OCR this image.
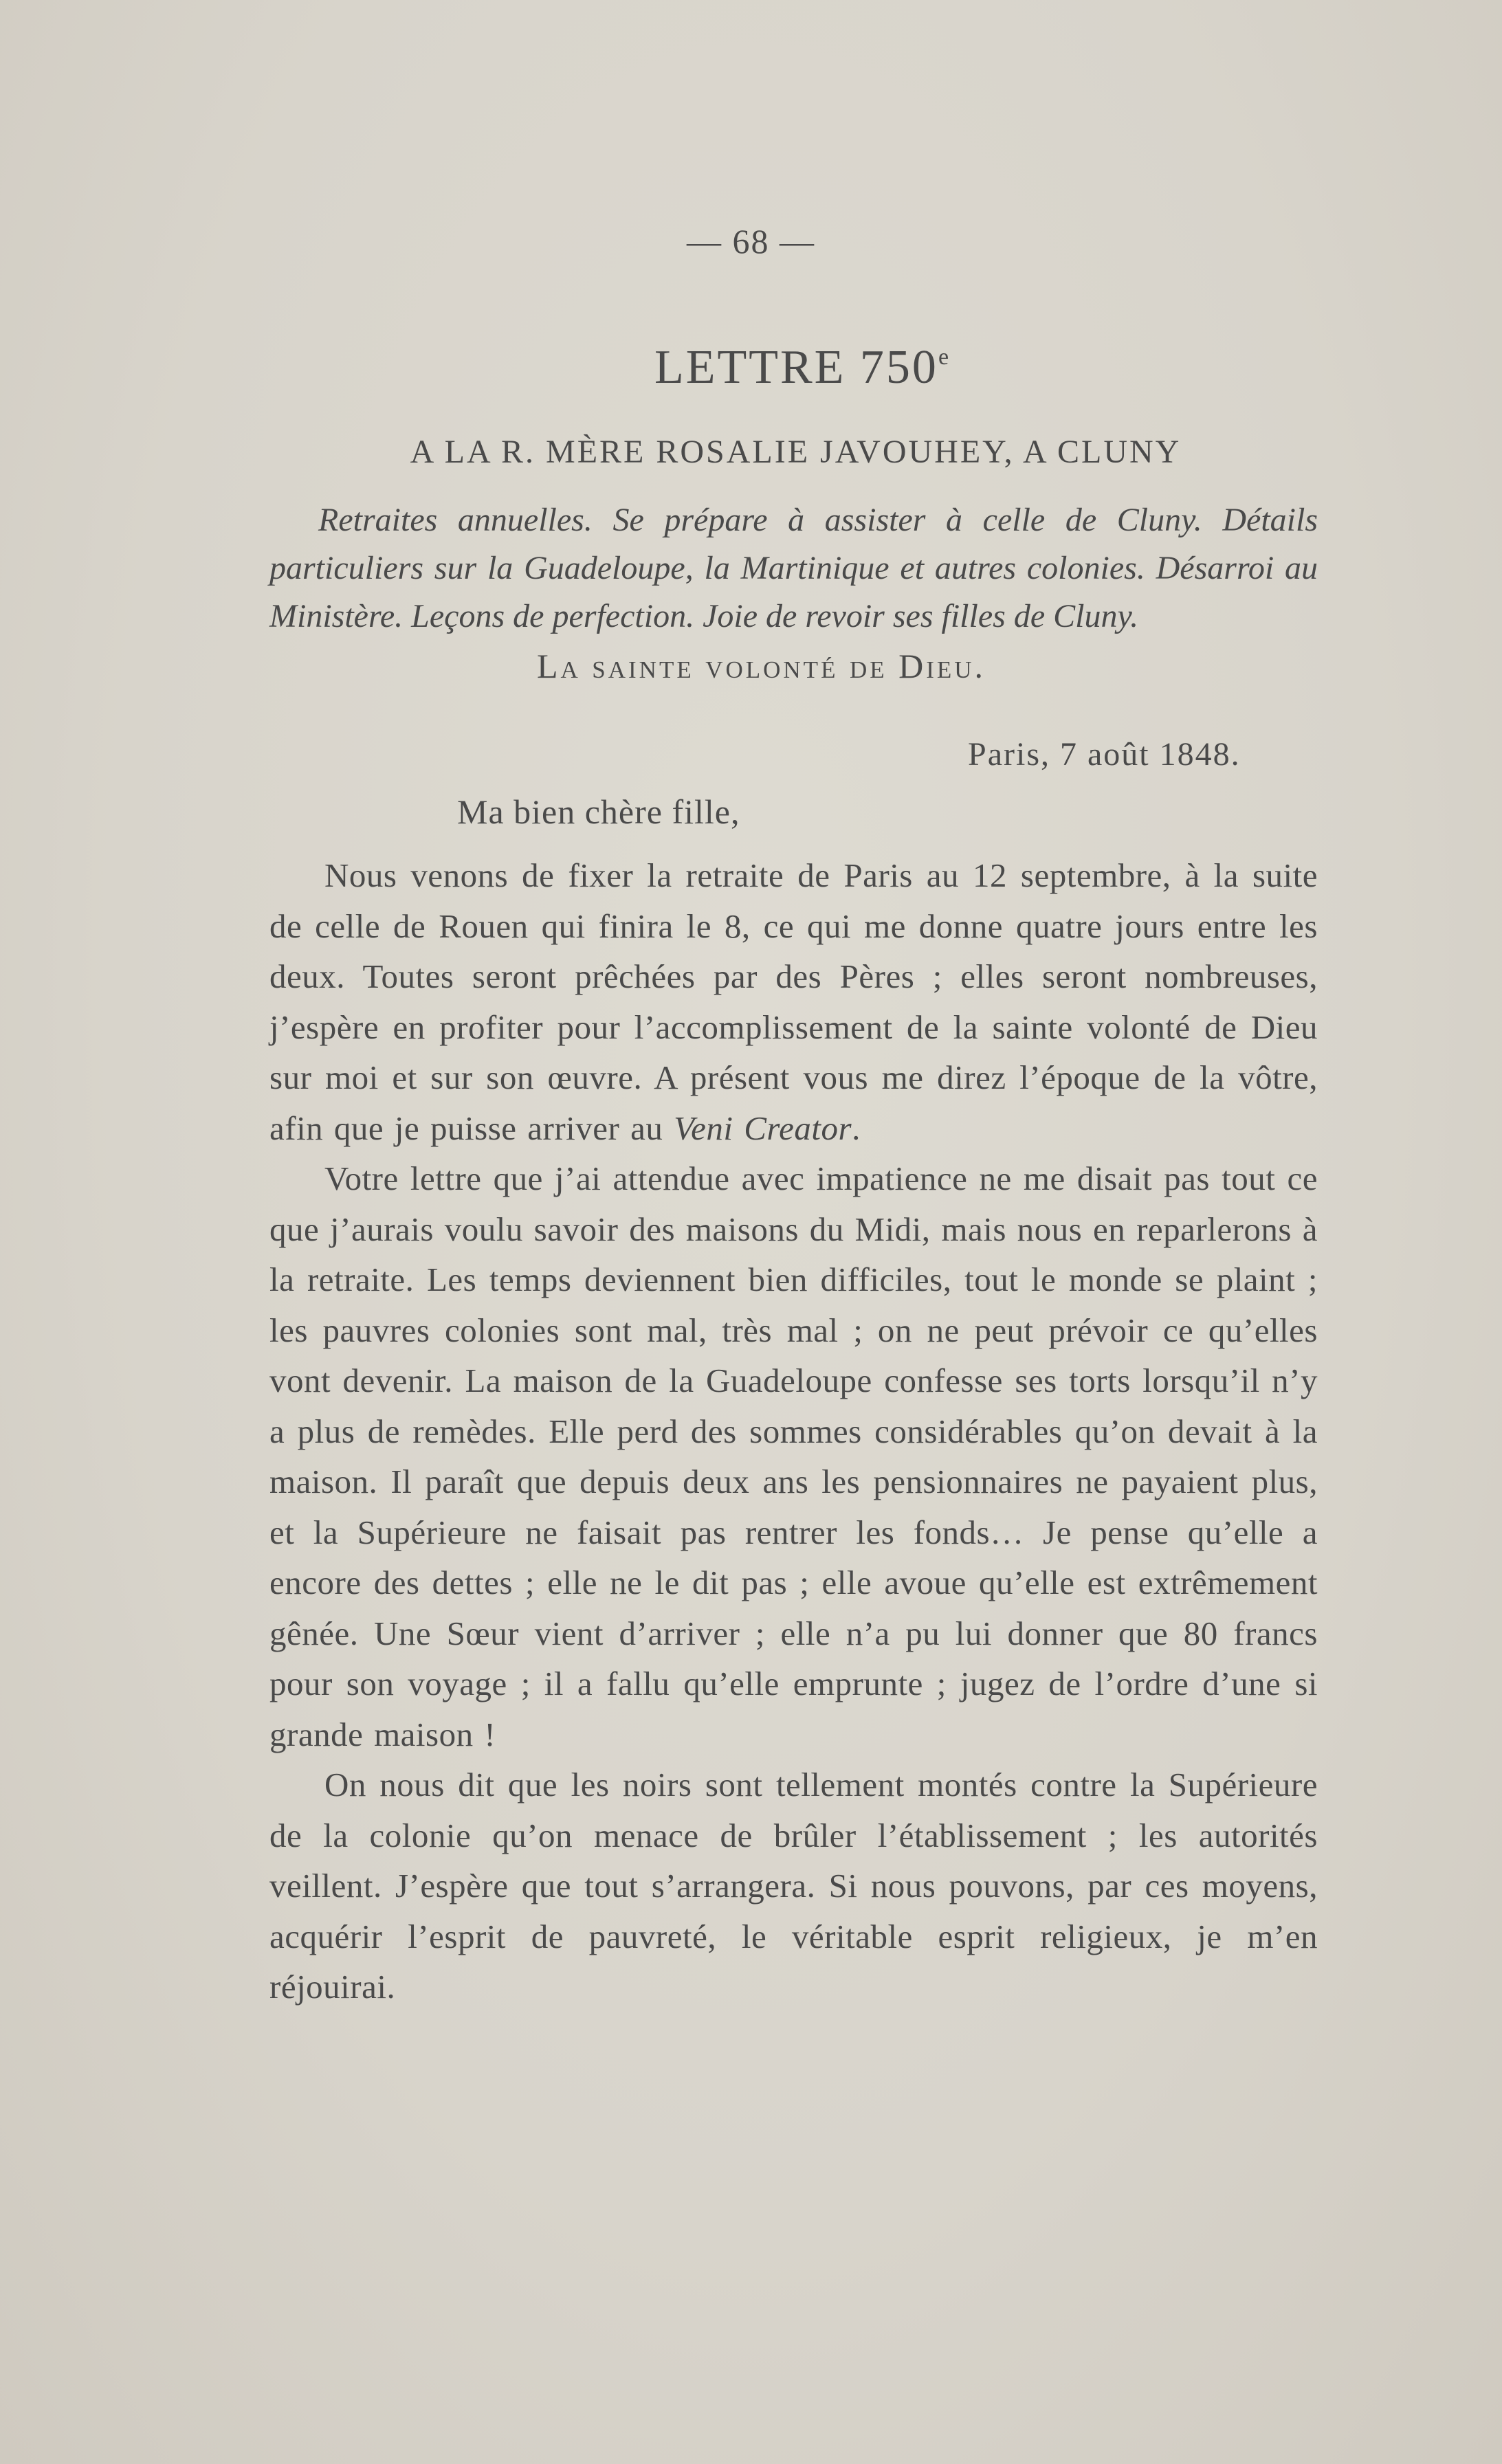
— 68 —
LETTRE 750e
A LA R. MÈRE ROSALIE JAVOUHEY, A CLUNY

Retraites annuelles. Se prépare à assister à celle de Cluny. Détails particuliers sur la Guadeloupe, la Martinique et autres colonies. Désarroi au Ministère. Leçons de perfection. Joie de revoir ses filles de Cluny.

La sainte volonté de Dieu.
Paris, 7 août 1848.
Ma bien chère fille,

Nous venons de fixer la retraite de Paris au 12 septembre, à la suite de celle de Rouen qui finira le 8, ce qui me donne quatre jours entre les deux. Toutes seront prêchées par des Pères ; elles seront nombreuses, j’espère en profiter pour l’accomplissement de la sainte volonté de Dieu sur moi et sur son œuvre. A présent vous me direz l’époque de la vôtre, afin que je puisse arriver au Veni Creator.

Votre lettre que j’ai attendue avec impatience ne me disait pas tout ce que j’aurais voulu savoir des maisons du Midi, mais nous en reparlerons à la retraite. Les temps deviennent bien difficiles, tout le monde se plaint ; les pauvres colonies sont mal, très mal ; on ne peut prévoir ce qu’elles vont devenir. La maison de la Guadeloupe confesse ses torts lorsqu’il n’y a plus de remèdes. Elle perd des sommes considérables qu’on devait à la maison. Il paraît que depuis deux ans les pensionnaires ne payaient plus, et la Supérieure ne faisait pas rentrer les fonds… Je pense qu’elle a encore des dettes ; elle ne le dit pas ; elle avoue qu’elle est extrêmement gênée. Une Sœur vient d’arriver ; elle n’a pu lui donner que 80 francs pour son voyage ; il a fallu qu’elle emprunte ; jugez de l’ordre d’une si grande maison !

On nous dit que les noirs sont tellement montés contre la Supérieure de la colonie qu’on menace de brûler l’établissement ; les autorités veillent. J’espère que tout s’arrangera. Si nous pouvons, par ces moyens, acquérir l’esprit de pauvreté, le véritable esprit religieux, je m’en réjouirai.
